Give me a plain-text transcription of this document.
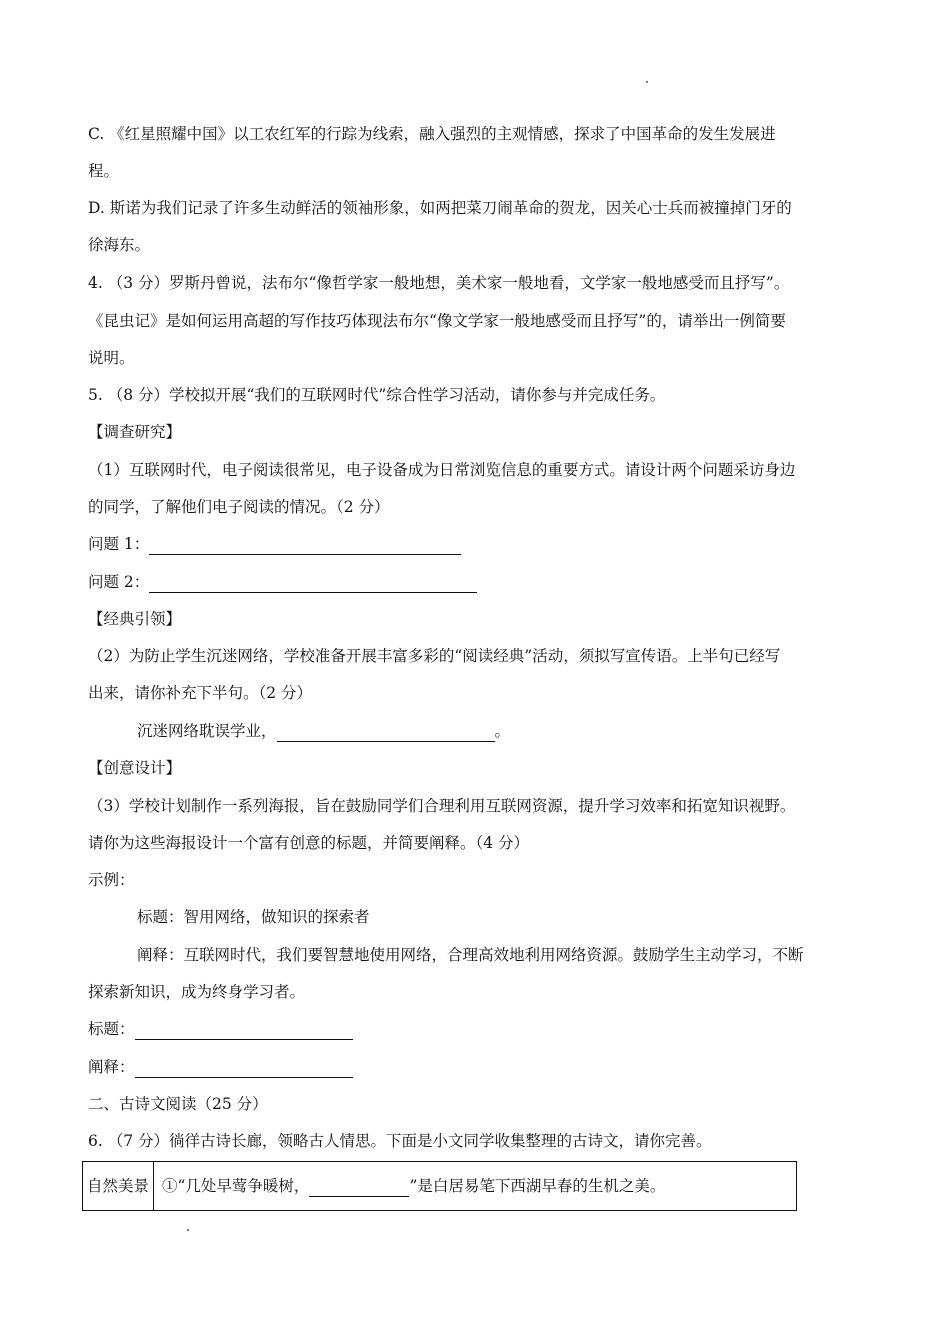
C. 《红星照耀中国》以工农红军的行踪为线索，融入强烈的主观情感，探求了中国革命的发生发展进
程。
D. 斯诺为我们记录了许多生动鲜活的领袖形象，如两把菜刀闹革命的贺龙，因关心士兵而被撞掉门牙的
徐海东。
4. （3 分）罗斯丹曾说，法布尔“像哲学家一般地想，美术家一般地看，文学家一般地感受而且抒写”。
《昆虫记》是如何运用高超的写作技巧体现法布尔“像文学家一般地感受而且抒写”的，请举出一例简要
说明。
5. （8 分）学校拟开展“我们的互联网时代”综合性学习活动，请你参与并完成任务。
【调查研究】
（1）互联网时代，电子阅读很常见，电子设备成为日常浏览信息的重要方式。请设计两个问题采访身边
的同学，了解他们电子阅读的情况。（2 分）
问题 1：
问题 2：
【经典引领】
（2）为防止学生沉迷网络，学校准备开展丰富多彩的“阅读经典”活动，须拟写宣传语。上半句已经写
出来，请你补充下半句。（2 分）
沉迷网络耽误学业，	。
【创意设计】
（3）学校计划制作一系列海报，旨在鼓励同学们合理利用互联网资源，提升学习效率和拓宽知识视野。
请你为这些海报设计一个富有创意的标题，并简要阐释。（4 分）
示例：
标题：智用网络，做知识的探索者
阐释：互联网时代，我们要智慧地使用网络，合理高效地利用网络资源。鼓励学生主动学习，不断
探索新知识，成为终身学习者。
标题：
阐释：
二、古诗文阅读（25 分）
6. （7 分）徜徉古诗长廊，领略古人情思。下面是小文同学收集整理的古诗文，请你完善。
自然美景	①“几处早莺争暖树，	”是白居易笔下西湖早春的生机之美。
